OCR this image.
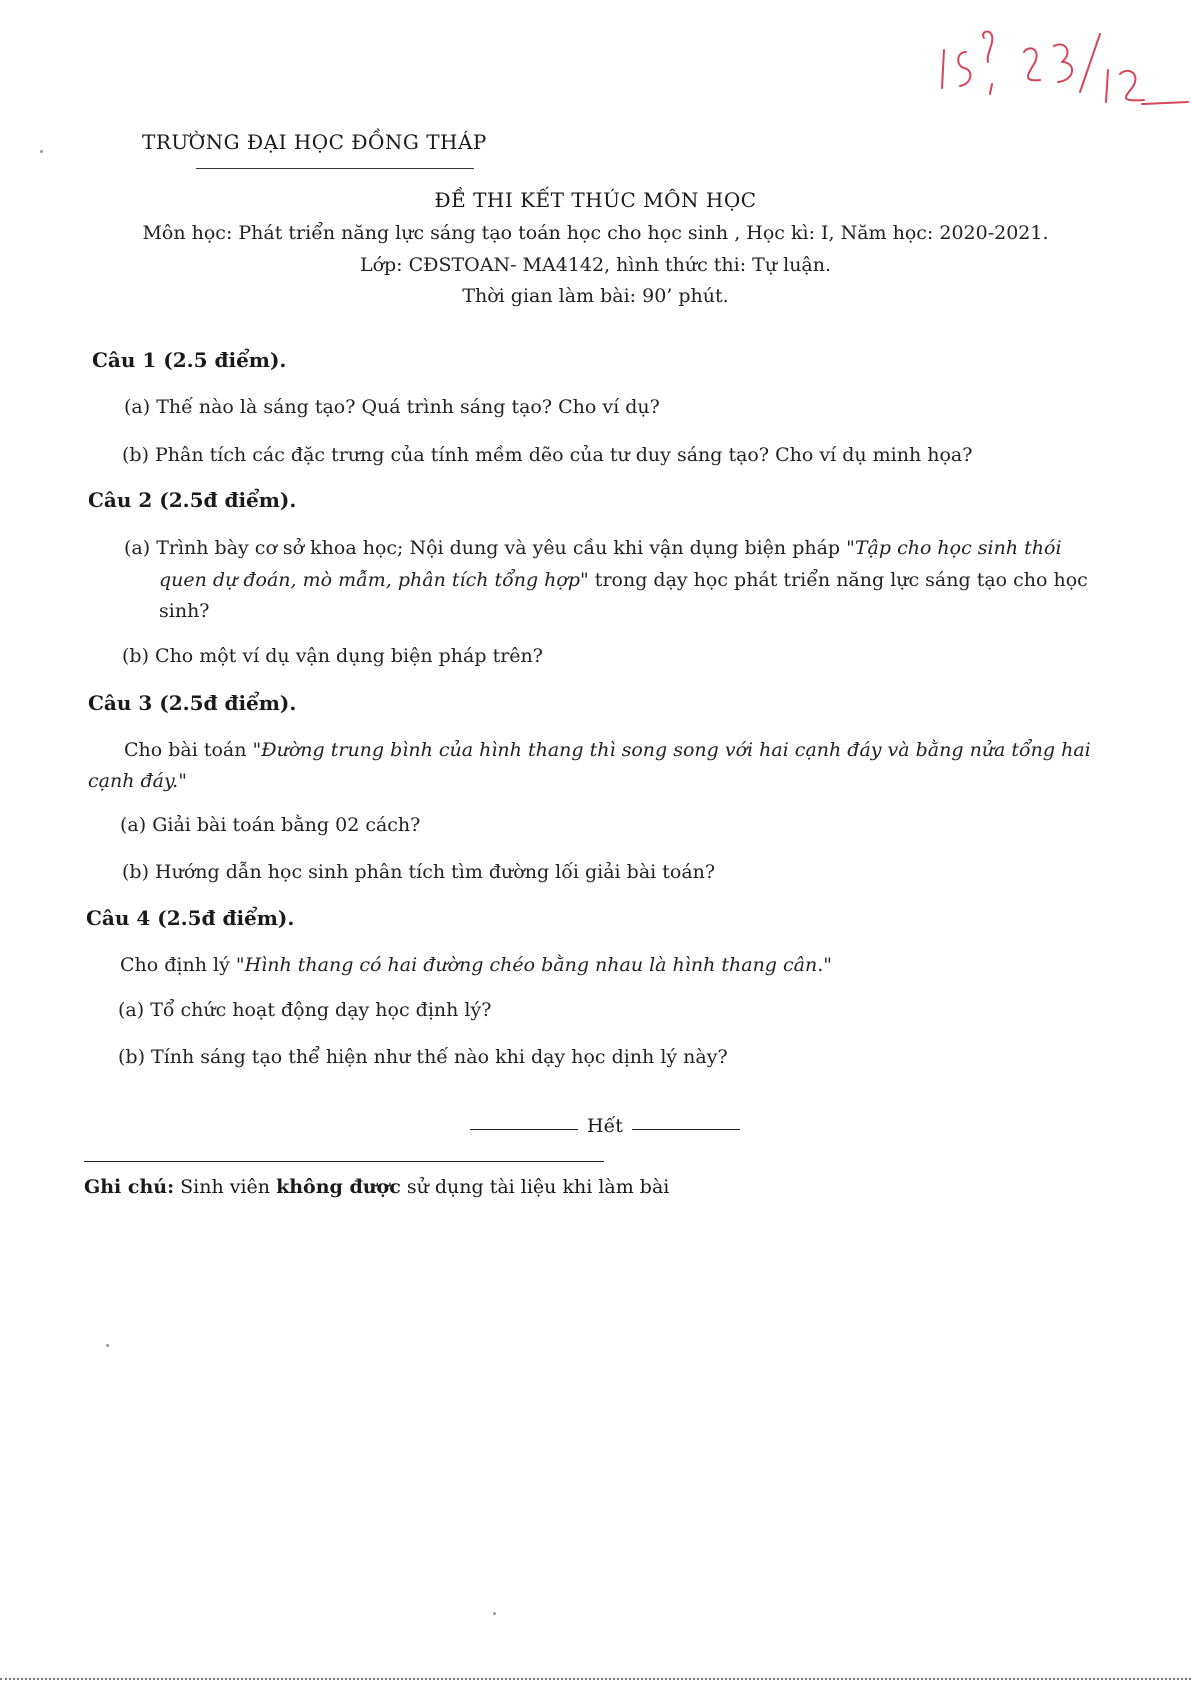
TRƯỜNG ĐẠI HỌC ĐỒNG THÁP
ĐỀ THI KẾT THÚC MÔN HỌC
Môn học: Phát triển năng lực sáng tạo toán học cho học sinh , Học kì: I, Năm học: 2020-2021.
Lớp: CĐSTOAN- MA4142, hình thức thi: Tự luận.
Thời gian làm bài: 90’ phút.
Câu 1 (2.5 điểm).
(a) Thế nào là sáng tạo? Quá trình sáng tạo? Cho ví dụ?
(b) Phân tích các đặc trưng của tính mềm dẽo của tư duy sáng tạo? Cho ví dụ minh họa?
Câu 2 (2.5đ điểm).
(a) Trình bày cơ sở khoa học; Nội dung và yêu cầu khi vận dụng biện pháp "Tập cho học sinh thói
quen dự đoán, mò mẫm, phân tích tổng hợp" trong dạy học phát triển năng lực sáng tạo cho học
sinh?
(b) Cho một ví dụ vận dụng biện pháp trên?
Câu 3 (2.5đ điểm).
Cho bài toán "Đường trung bình của hình thang thì song song với hai cạnh đáy và bằng nửa tổng hai
cạnh đáy."
(a) Giải bài toán bằng 02 cách?
(b) Hướng dẫn học sinh phân tích tìm đường lối giải bài toán?
Câu 4 (2.5đ điểm).
Cho định lý "Hình thang có hai đường chéo bằng nhau là hình thang cân."
(a) Tổ chức hoạt động dạy học định lý?
(b) Tính sáng tạo thể hiện như thế nào khi dạy học dịnh lý này?
Hết
Ghi chú: Sinh viên không được sử dụng tài liệu khi làm bài
